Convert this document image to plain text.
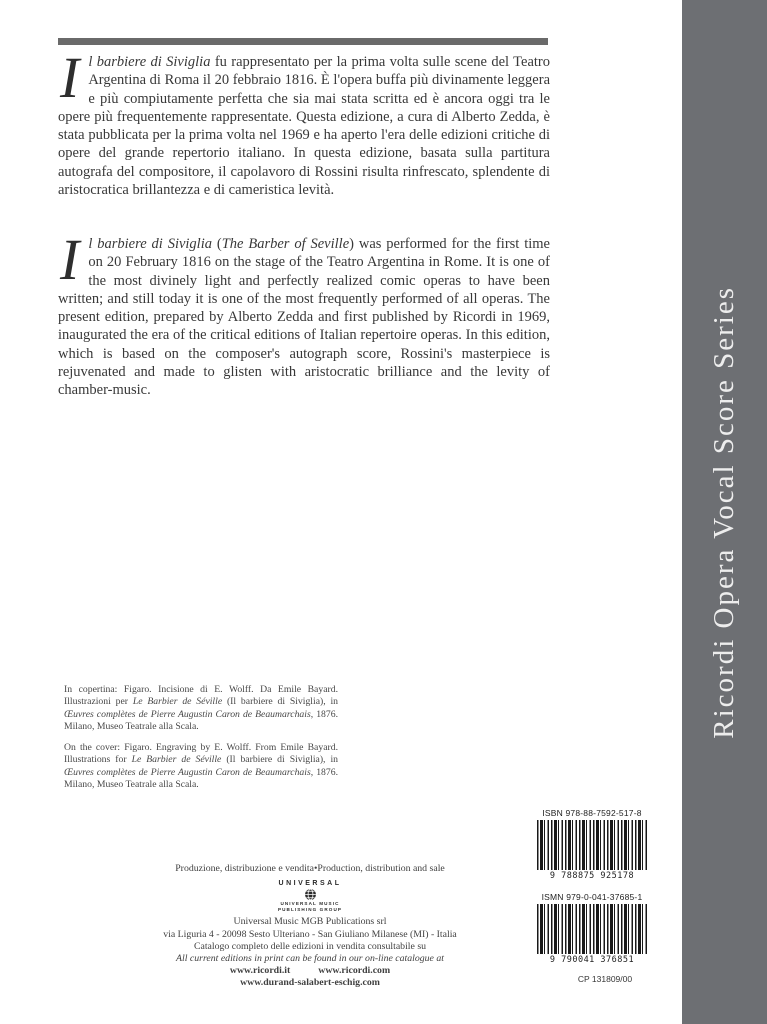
Il barbiere di Siviglia fu rappresentato per la prima volta sulle scene del Teatro Argentina di Roma il 20 febbraio 1816. È l'opera buffa più divinamente leggera e più compiutamente perfetta che sia mai stata scritta ed è ancora oggi tra le opere più frequentemente rappresentate. Questa edizione, a cura di Alberto Zedda, è stata pubblicata per la prima volta nel 1969 e ha aperto l'era delle edizioni critiche di opere del grande repertorio italiano. In questa edizione, basata sulla partitura autografa del compositore, il capolavoro di Rossini risulta rinfrescato, splendente di aristocratica brillantezza e di cameristica levità.

Il barbiere di Siviglia (The Barber of Seville) was performed for the first time on 20 February 1816 on the stage of the Teatro Argentina in Rome. It is one of the most divinely light and perfectly realized comic operas to have been written; and still today it is one of the most frequently performed of all operas. The present edition, prepared by Alberto Zedda and first published by Ricordi in 1969, inaugurated the era of the critical editions of Italian repertoire operas. In this edition, which is based on the composer's autograph score, Rossini's masterpiece is rejuvenated and made to glisten with aristocratic brilliance and the levity of chamber-music.

In copertina: Figaro. Incisione di E. Wolff. Da Emile Bayard. Illustrazioni per Le Barbier de Séville (Il barbiere di Siviglia), in Œuvres complètes de Pierre Augustin Caron de Beaumarchais, 1876. Milano, Museo Teatrale alla Scala.

On the cover: Figaro. Engraving by E. Wolff. From Emile Bayard. Illustrations for Le Barbier de Séville (Il barbiere di Siviglia), in Œuvres complètes de Pierre Augustin Caron de Beaumarchais, 1876. Milano, Museo Teatrale alla Scala.

Produzione, distribuzione e vendita•Production, distribution and sale
UNIVERSAL
UNIVERSAL MUSIC
PUBLISHING GROUP
Universal Music MGB Publications srl
via Liguria 4 - 20098 Sesto Ulteriano - San Giuliano Milanese (MI) - Italia
Catalogo completo delle edizioni in vendita consultabile su
All current editions in print can be found in our on-line catalogue at
www.ricordi.it	www.ricordi.com
www.durand-salabert-eschig.com
ISBN 978-88-7592-517-8
9 788875 925178
ISMN 979-0-041-37685-1
9 790041 376851
CP 131809/00
Ricordi Opera Vocal Score Series
